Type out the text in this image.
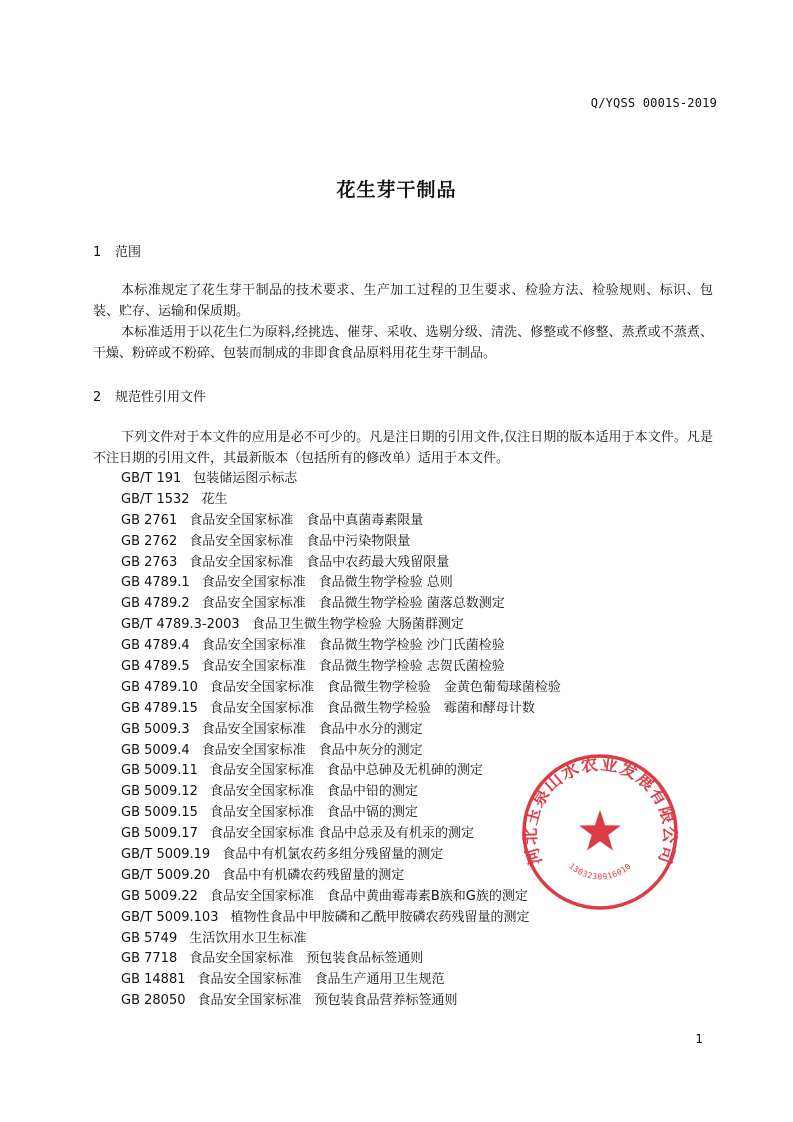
Q/YQSS 0001S-2019
花生芽干制品
1 范围

本标准规定了花生芽干制品的技术要求、生产加工过程的卫生要求、检验方法、检验规则、标识、包装、贮存、运输和保质期。

本标准适用于以花生仁为原料,经挑选、催芽、采收、选剔分级、清洗、修整或不修整、蒸煮或不蒸煮、干燥、粉碎或不粉碎、包装而制成的非即食食品原料用花生芽干制品。

2 规范性引用文件

下列文件对于本文件的应用是必不可少的。凡是注日期的引用文件,仅注日期的版本适用于本文件。凡是不注日期的引用文件，其最新版本（包括所有的修改单）适用于本文件。

GB/T 191 包装储运图示标志
GB/T 1532 花生
GB 2761 食品安全国家标准　食品中真菌毒素限量
GB 2762 食品安全国家标准　食品中污染物限量
GB 2763 食品安全国家标准　食品中农药最大残留限量
GB 4789.1 食品安全国家标准　食品微生物学检验 总则
GB 4789.2 食品安全国家标准　食品微生物学检验 菌落总数测定
GB/T 4789.3-2003 食品卫生微生物学检验 大肠菌群测定
GB 4789.4 食品安全国家标准　食品微生物学检验 沙门氏菌检验
GB 4789.5 食品安全国家标准　食品微生物学检验 志贺氏菌检验
GB 4789.10 食品安全国家标准　食品微生物学检验　金黄色葡萄球菌检验
GB 4789.15 食品安全国家标准　食品微生物学检验　霉菌和酵母计数
GB 5009.3 食品安全国家标准　食品中水分的测定
GB 5009.4 食品安全国家标准　食品中灰分的测定
GB 5009.11 食品安全国家标准　食品中总砷及无机砷的测定
GB 5009.12 食品安全国家标准　食品中铅的测定
GB 5009.15 食品安全国家标准　食品中镉的测定
GB 5009.17 食品安全国家标准 食品中总汞及有机汞的测定
GB/T 5009.19 食品中有机氯农药多组分残留量的测定
GB/T 5009.20 食品中有机磷农药残留量的测定
GB 5009.22 食品安全国家标准　食品中黄曲霉毒素B族和G族的测定
GB/T 5009.103 植物性食品中甲胺磷和乙酰甲胺磷农药残留量的测定
GB 5749 生活饮用水卫生标准
GB 7718 食品安全国家标准　预包装食品标签通则
GB 14881 食品安全国家标准　食品生产通用卫生规范
GB 28050 食品安全国家标准　预包装食品营养标签通则
河北玉泉山水农业发展有限公司
1303230916010
1
